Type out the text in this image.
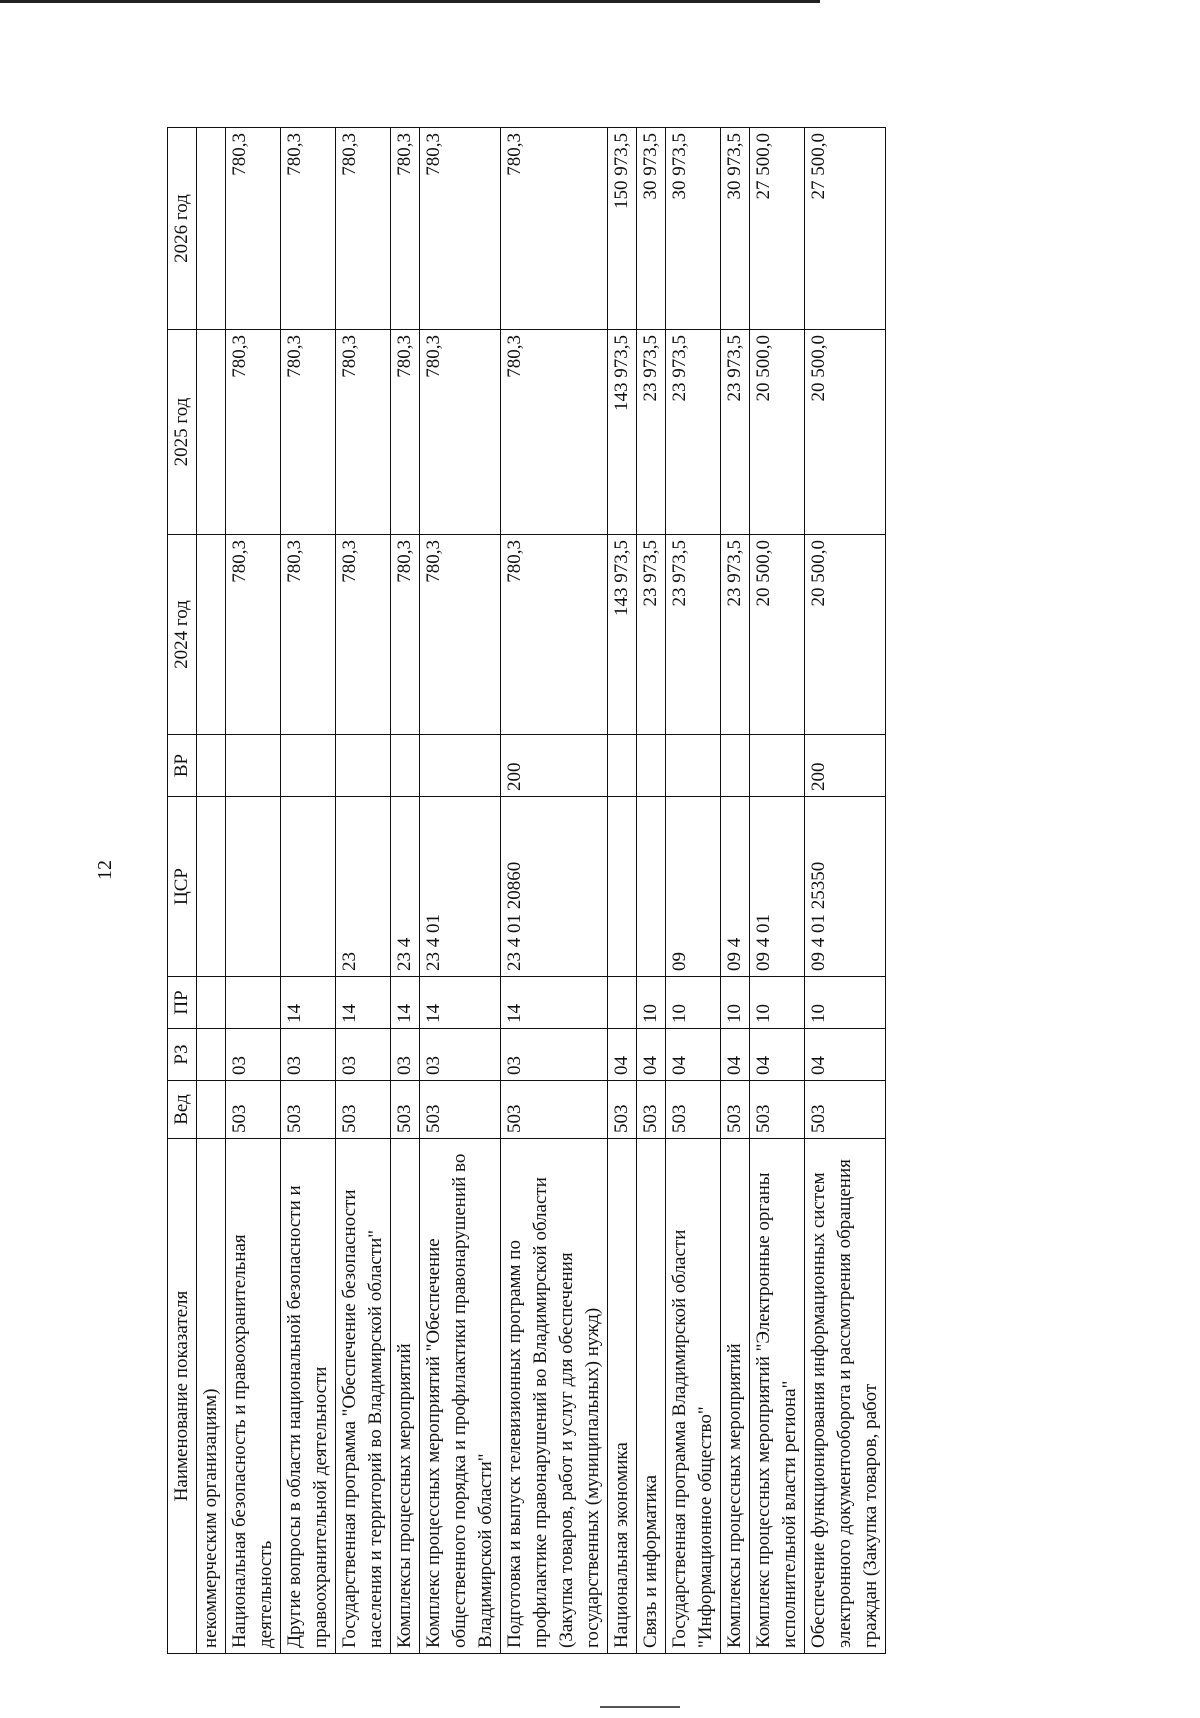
12
Наименование показателя	Вед	РЗ	ПР	ЦСР	ВР	2024 год	2025 год	2026 год
некоммерческим организациям)								
Национальная безопасность и правоохранительная деятельность	503	03				780,3	780,3	780,3
Другие вопросы в области национальной безопасности и правоохранительной деятельности	503	03	14			780,3	780,3	780,3
Государственная программа "Обеспечение безопасности населения и территорий во Владимирской области"	503	03	14	23		780,3	780,3	780,3
Комплексы процессных мероприятий	503	03	14	23 4		780,3	780,3	780,3
Комплекс процессных мероприятий "Обеспечение общественного порядка и профилактики правонарушений во Владимирской области"	503	03	14	23 4 01		780,3	780,3	780,3
Подготовка и выпуск телевизионных программ по профилактике правонарушений во Владимирской области (Закупка товаров, работ и услуг для обеспечения государственных (муниципальных) нужд)	503	03	14	23 4 01 20860	200	780,3	780,3	780,3
Национальная экономика	503	04				143 973,5	143 973,5	150 973,5
Связь и информатика	503	04	10			23 973,5	23 973,5	30 973,5
Государственная программа Владимирской области "Информационное общество"	503	04	10	09		23 973,5	23 973,5	30 973,5
Комплексы процессных мероприятий	503	04	10	09 4		23 973,5	23 973,5	30 973,5
Комплекс процессных мероприятий "Электронные органы исполнительной власти региона"	503	04	10	09 4 01		20 500,0	20 500,0	27 500,0
Обеспечение функционирования информационных систем электронного документооборота и рассмотрения обращения граждан (Закупка товаров, работ	503	04	10	09 4 01 25350	200	20 500,0	20 500,0	27 500,0
